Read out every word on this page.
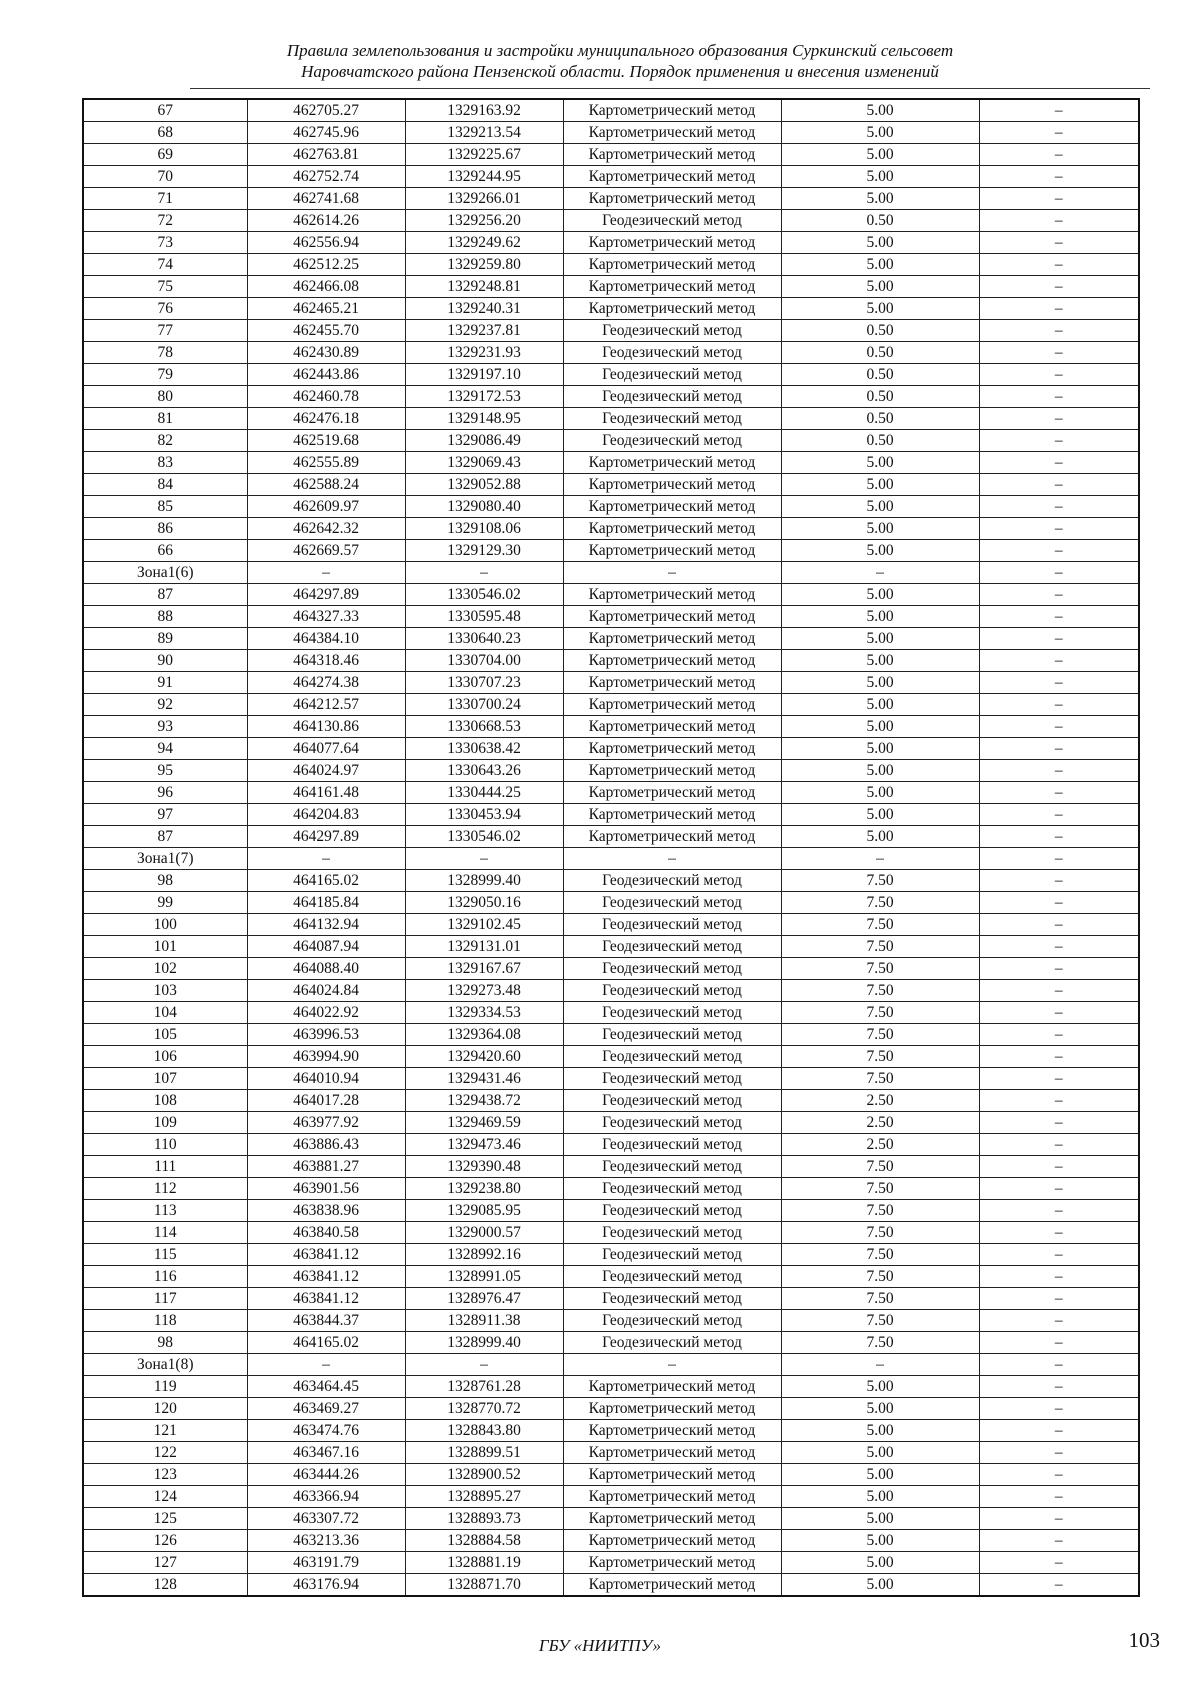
Правила землепользования и застройки муниципального образования Суркинский сельсовет
Наровчатского района Пензенской области. Порядок применения и внесения изменений
67	462705.27	1329163.92	Картометрический метод	5.00	–
68	462745.96	1329213.54	Картометрический метод	5.00	–
69	462763.81	1329225.67	Картометрический метод	5.00	–
70	462752.74	1329244.95	Картометрический метод	5.00	–
71	462741.68	1329266.01	Картометрический метод	5.00	–
72	462614.26	1329256.20	Геодезический метод	0.50	–
73	462556.94	1329249.62	Картометрический метод	5.00	–
74	462512.25	1329259.80	Картометрический метод	5.00	–
75	462466.08	1329248.81	Картометрический метод	5.00	–
76	462465.21	1329240.31	Картометрический метод	5.00	–
77	462455.70	1329237.81	Геодезический метод	0.50	–
78	462430.89	1329231.93	Геодезический метод	0.50	–
79	462443.86	1329197.10	Геодезический метод	0.50	–
80	462460.78	1329172.53	Геодезический метод	0.50	–
81	462476.18	1329148.95	Геодезический метод	0.50	–
82	462519.68	1329086.49	Геодезический метод	0.50	–
83	462555.89	1329069.43	Картометрический метод	5.00	–
84	462588.24	1329052.88	Картометрический метод	5.00	–
85	462609.97	1329080.40	Картометрический метод	5.00	–
86	462642.32	1329108.06	Картометрический метод	5.00	–
66	462669.57	1329129.30	Картометрический метод	5.00	–
Зона1(6)	–	–	–	–	–
87	464297.89	1330546.02	Картометрический метод	5.00	–
88	464327.33	1330595.48	Картометрический метод	5.00	–
89	464384.10	1330640.23	Картометрический метод	5.00	–
90	464318.46	1330704.00	Картометрический метод	5.00	–
91	464274.38	1330707.23	Картометрический метод	5.00	–
92	464212.57	1330700.24	Картометрический метод	5.00	–
93	464130.86	1330668.53	Картометрический метод	5.00	–
94	464077.64	1330638.42	Картометрический метод	5.00	–
95	464024.97	1330643.26	Картометрический метод	5.00	–
96	464161.48	1330444.25	Картометрический метод	5.00	–
97	464204.83	1330453.94	Картометрический метод	5.00	–
87	464297.89	1330546.02	Картометрический метод	5.00	–
Зона1(7)	–	–	–	–	–
98	464165.02	1328999.40	Геодезический метод	7.50	–
99	464185.84	1329050.16	Геодезический метод	7.50	–
100	464132.94	1329102.45	Геодезический метод	7.50	–
101	464087.94	1329131.01	Геодезический метод	7.50	–
102	464088.40	1329167.67	Геодезический метод	7.50	–
103	464024.84	1329273.48	Геодезический метод	7.50	–
104	464022.92	1329334.53	Геодезический метод	7.50	–
105	463996.53	1329364.08	Геодезический метод	7.50	–
106	463994.90	1329420.60	Геодезический метод	7.50	–
107	464010.94	1329431.46	Геодезический метод	7.50	–
108	464017.28	1329438.72	Геодезический метод	2.50	–
109	463977.92	1329469.59	Геодезический метод	2.50	–
110	463886.43	1329473.46	Геодезический метод	2.50	–
111	463881.27	1329390.48	Геодезический метод	7.50	–
112	463901.56	1329238.80	Геодезический метод	7.50	–
113	463838.96	1329085.95	Геодезический метод	7.50	–
114	463840.58	1329000.57	Геодезический метод	7.50	–
115	463841.12	1328992.16	Геодезический метод	7.50	–
116	463841.12	1328991.05	Геодезический метод	7.50	–
117	463841.12	1328976.47	Геодезический метод	7.50	–
118	463844.37	1328911.38	Геодезический метод	7.50	–
98	464165.02	1328999.40	Геодезический метод	7.50	–
Зона1(8)	–	–	–	–	–
119	463464.45	1328761.28	Картометрический метод	5.00	–
120	463469.27	1328770.72	Картометрический метод	5.00	–
121	463474.76	1328843.80	Картометрический метод	5.00	–
122	463467.16	1328899.51	Картометрический метод	5.00	–
123	463444.26	1328900.52	Картометрический метод	5.00	–
124	463366.94	1328895.27	Картометрический метод	5.00	–
125	463307.72	1328893.73	Картометрический метод	5.00	–
126	463213.36	1328884.58	Картометрический метод	5.00	–
127	463191.79	1328881.19	Картометрический метод	5.00	–
128	463176.94	1328871.70	Картометрический метод	5.00	–
ГБУ «НИИТПУ»	103
